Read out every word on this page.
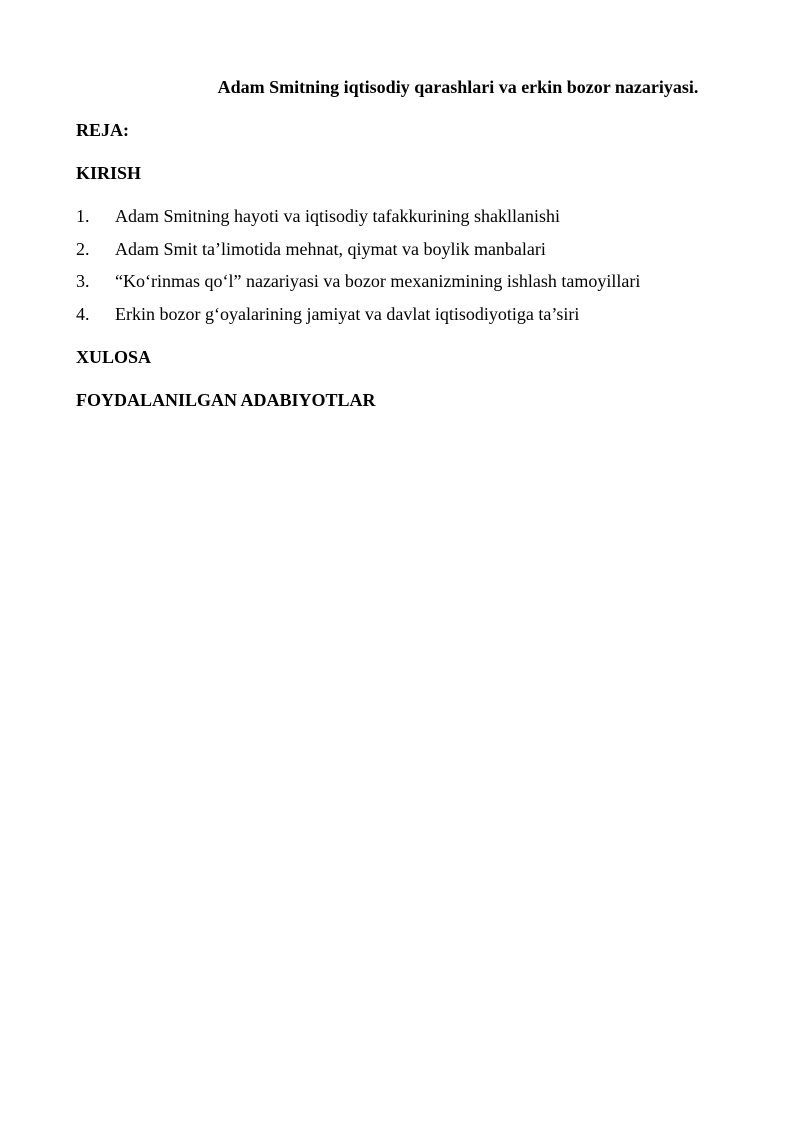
Adam Smitning iqtisodiy qarashlari va erkin bozor nazariyasi.
REJA:
KIRISH
1.	Adam Smitning hayoti va iqtisodiy tafakkurining shakllanishi
2.	Adam Smit ta’limotida mehnat, qiymat va boylik manbalari
3.	“Ko‘rinmas qo‘l” nazariyasi va bozor mexanizmining ishlash tamoyillari
4.	Erkin bozor g‘oyalarining jamiyat va davlat iqtisodiyotiga ta’siri
XULOSA
FOYDALANILGAN ADABIYOTLAR
